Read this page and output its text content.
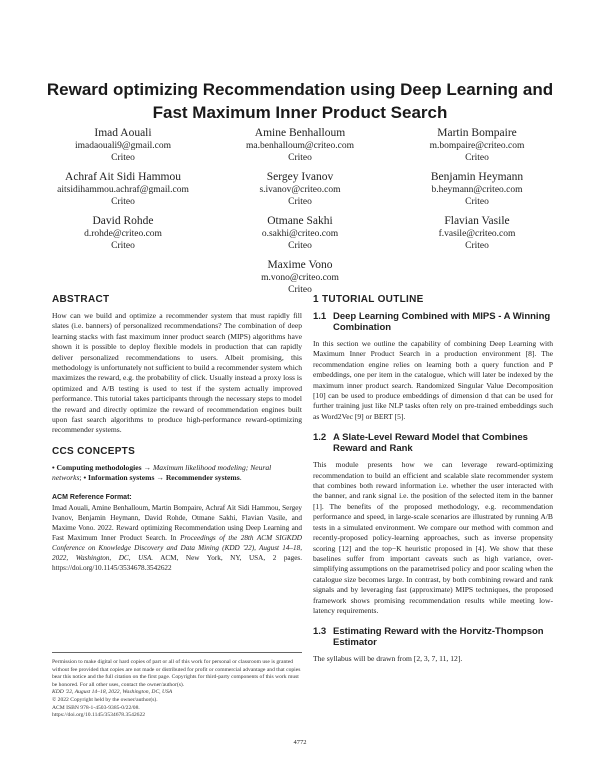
Reward optimizing Recommendation using Deep Learning and Fast Maximum Inner Product Search
Imad Aouali
imadaouali9@gmail.com
Criteo
Amine Benhalloum
ma.benhalloum@criteo.com
Criteo
Martin Bompaire
m.bompaire@criteo.com
Criteo
Achraf Ait Sidi Hammou
aitsidihammou.achraf@gmail.com
Criteo
Sergey Ivanov
s.ivanov@criteo.com
Criteo
Benjamin Heymann
b.heymann@criteo.com
Criteo
David Rohde
d.rohde@criteo.com
Criteo
Otmane Sakhi
o.sakhi@criteo.com
Criteo
Flavian Vasile
f.vasile@criteo.com
Criteo
Maxime Vono
m.vono@criteo.com
Criteo
ABSTRACT

How can we build and optimize a recommender system that must rapidly fill slates (i.e. banners) of personalized recommendations? The combination of deep learning stacks with fast maximum inner product search (MIPS) algorithms have shown it is possible to deploy flexible models in production that can rapidly deliver personalized recommendations to users. Albeit promising, this methodology is unfortunately not sufficient to build a recommender system which maximizes the reward, e.g. the probability of click. Usually instead a proxy loss is optimized and A/B testing is used to test if the system actually improved performance. This tutorial takes participants through the necessary steps to model the reward and directly optimize the reward of recommendation engines built upon fast search algorithms to produce high-performance reward-optimizing recommender systems.

CCS CONCEPTS
• Computing methodologies → Maximum likelihood modeling; Neural networks; • Information systems → Recommender systems.
ACM Reference Format:
Imad Aouali, Amine Benhalloum, Martin Bompaire, Achraf Ait Sidi Hammou, Sergey Ivanov, Benjamin Heymann, David Rohde, Otmane Sakhi, Flavian Vasile, and Maxime Vono. 2022. Reward optimizing Recommendation using Deep Learning and Fast Maximum Inner Product Search. In Proceedings of the 28th ACM SIGKDD Conference on Knowledge Discovery and Data Mining (KDD '22), August 14–18, 2022, Washington, DC, USA. ACM, New York, NY, USA, 2 pages. https://doi.org/10.1145/3534678.3542622
Permission to make digital or hard copies of part or all of this work for personal or classroom use is granted without fee provided that copies are not made or distributed for profit or commercial advantage and that copies bear this notice and the full citation on the first page. Copyrights for third-party components of this work must be honored. For all other uses, contact the owner/author(s).
KDD '22, August 14–18, 2022, Washington, DC, USA
© 2022 Copyright held by the owner/author(s).
ACM ISBN 978-1-4503-9385-0/22/08.
https://doi.org/10.1145/3534678.3542622
1 TUTORIAL OUTLINE
1.1 Deep Learning Combined with MIPS - A Winning Combination

In this section we outline the capability of combining Deep Learning with Maximum Inner Product Search in a production environment [8]. The recommendation engine relies on learning both a query function and P embeddings, one per item in the catalogue, which will later be indexed by the maximum inner product search. Randomized Singular Value Decomposition [10] can be used to produce embeddings of dimension d that can be used for further training just like NLP tasks often rely on pre-trained embeddings such as Word2Vec [9] or BERT [5].

1.2 A Slate-Level Reward Model that Combines Reward and Rank

This module presents how we can leverage reward-optimizing recommendation to build an efficient and scalable slate recommender system that combines both reward information i.e. whether the user interacted with the banner, and rank signal i.e. the position of the selected item in the banner [1]. The benefits of the proposed methodology, e.g. recommendation performance and speed, in large-scale scenarios are illustrated by running A/B tests in a simulated environment. We compare our method with common and recently-proposed policy-learning approaches, such as inverse propensity scoring [12] and the top−K heuristic proposed in [4]. We show that these baselines suffer from important caveats such as high variance, over-simplifying assumptions on the parametrised policy and poor scaling when the catalogue size becomes large. In contrast, by both combining reward and rank signals and by leveraging fast (approximate) MIPS techniques, the proposed framework shows promising recommendation results while meeting low-latency requirements.

1.3 Estimating Reward with the Horvitz-Thompson Estimator

The syllabus will be drawn from [2, 3, 7, 11, 12].

4772
